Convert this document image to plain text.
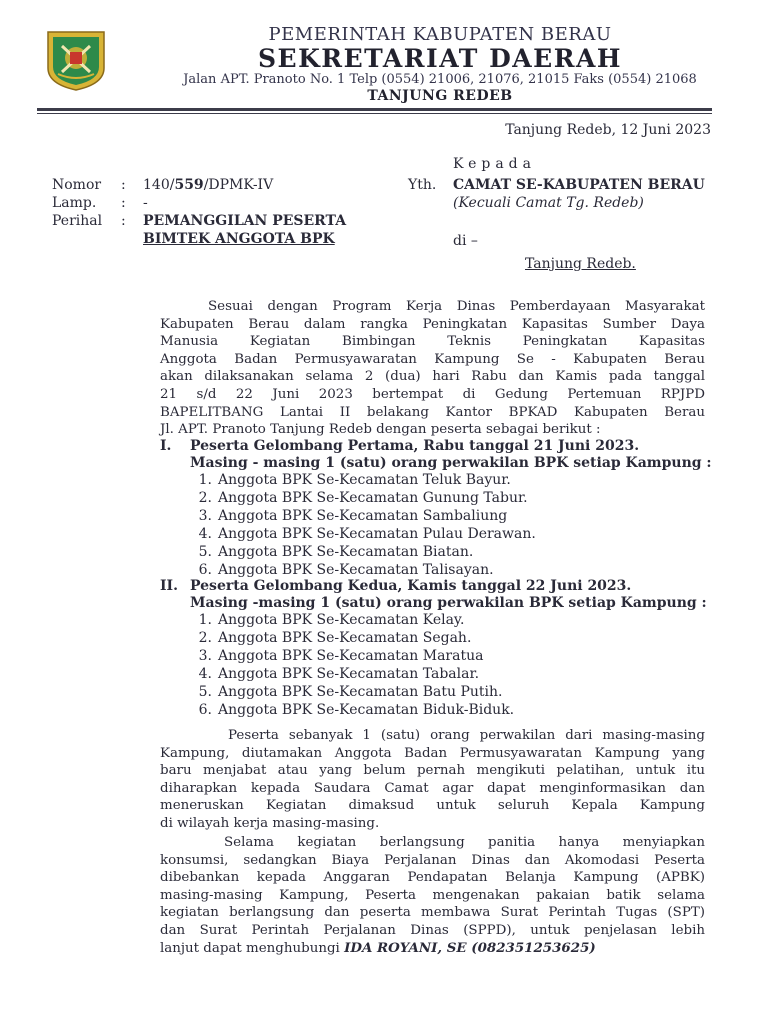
PEMERINTAH KABUPATEN BERAU
SEKRETARIAT DAERAH
Jalan APT. Pranoto No. 1 Telp (0554) 21006, 21076, 21015 Faks (0554) 21068
TANJUNG REDEB
Tanjung Redeb, 12 Juni 2023
Kepada
Yth. CAMAT SE-KABUPATEN BERAU
(Kecuali Camat Tg. Redeb)
di –
Tanjung Redeb.
Nomor : 140/559/DPMK-IV
Lamp. : -
Perihal : PEMANGGILAN PESERTA
BIMTEK ANGGOTA BPK
Sesuai dengan Program Kerja Dinas Pemberdayaan Masyarakat
Kabupaten Berau dalam rangka Peningkatan Kapasitas Sumber Daya
Manusia Kegiatan Bimbingan Teknis Peningkatan Kapasitas
Anggota Badan Permusyawaratan Kampung Se - Kabupaten Berau
akan dilaksanakan selama 2 (dua) hari Rabu dan Kamis pada tanggal
21 s/d 22 Juni 2023 bertempat di Gedung Pertemuan RPJPD
BAPELITBANG Lantai II belakang Kantor BPKAD Kabupaten Berau
Jl. APT. Pranoto Tanjung Redeb dengan peserta sebagai berikut :
I. Peserta Gelombang Pertama, Rabu tanggal 21 Juni 2023.
Masing - masing 1 (satu) orang perwakilan BPK setiap Kampung :
1. Anggota BPK Se-Kecamatan Teluk Bayur.
2. Anggota BPK Se-Kecamatan Gunung Tabur.
3. Anggota BPK Se-Kecamatan Sambaliung
4. Anggota BPK Se-Kecamatan Pulau Derawan.
5. Anggota BPK Se-Kecamatan Biatan.
6. Anggota BPK Se-Kecamatan Talisayan.
II. Peserta Gelombang Kedua, Kamis tanggal 22 Juni 2023.
Masing -masing 1 (satu) orang perwakilan BPK setiap Kampung :
1. Anggota BPK Se-Kecamatan Kelay.
2. Anggota BPK Se-Kecamatan Segah.
3. Anggota BPK Se-Kecamatan Maratua
4. Anggota BPK Se-Kecamatan Tabalar.
5. Anggota BPK Se-Kecamatan Batu Putih.
6. Anggota BPK Se-Kecamatan Biduk-Biduk.
Peserta sebanyak 1 (satu) orang perwakilan dari masing-masing
Kampung, diutamakan Anggota Badan Permusyawaratan Kampung yang
baru menjabat atau yang belum pernah mengikuti pelatihan, untuk itu
diharapkan kepada Saudara Camat agar dapat menginformasikan dan
meneruskan Kegiatan dimaksud untuk seluruh Kepala Kampung
di wilayah kerja masing-masing.
Selama kegiatan berlangsung panitia hanya menyiapkan
konsumsi, sedangkan Biaya Perjalanan Dinas dan Akomodasi Peserta
dibebankan kepada Anggaran Pendapatan Belanja Kampung (APBK)
masing-masing Kampung, Peserta mengenakan pakaian batik selama
kegiatan berlangsung dan peserta membawa Surat Perintah Tugas (SPT)
dan Surat Perintah Perjalanan Dinas (SPPD), untuk penjelasan lebih
lanjut dapat menghubungi IDA ROYANI, SE (082351253625)
